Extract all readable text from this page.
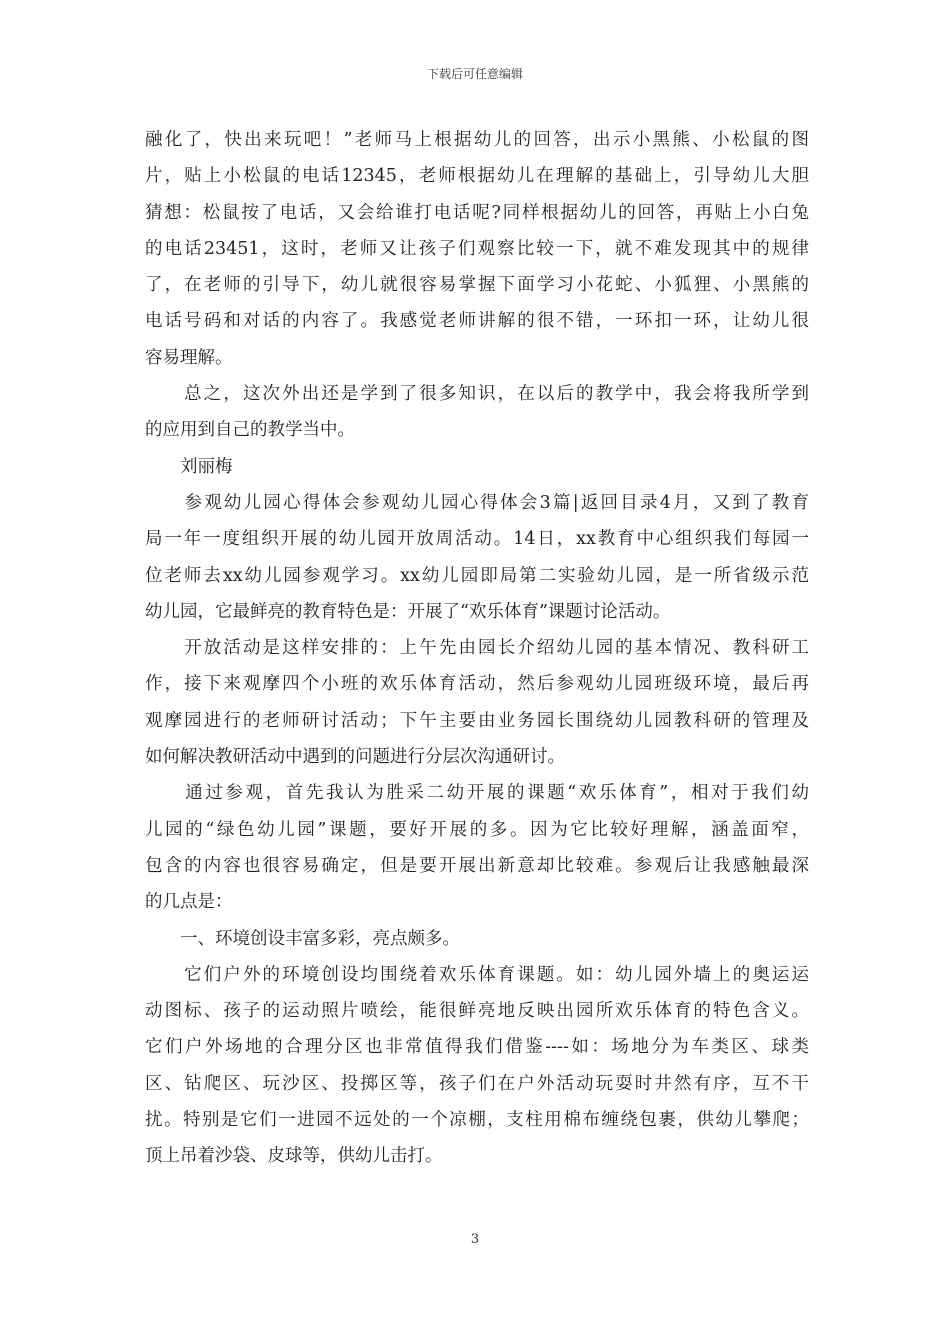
下载后可任意编辑
融化了，快出来玩吧！”老师马上根据幼儿的回答，出示小黑熊、小松鼠的图
片，贴上小松鼠的电话12345，老师根据幼儿在理解的基础上，引导幼儿大胆
猜想：松鼠按了电话，又会给谁打电话呢?同样根据幼儿的回答，再贴上小白兔
的电话23451，这时，老师又让孩子们观察比较一下，就不难发现其中的规律
了，在老师的引导下，幼儿就很容易掌握下面学习小花蛇、小狐狸、小黑熊的
电话号码和对话的内容了。我感觉老师讲解的很不错，一环扣一环，让幼儿很
容易理解。
　　总之，这次外出还是学到了很多知识，在以后的教学中，我会将我所学到
的应用到自己的教学当中。
　　刘丽梅
　　参观幼儿园心得体会参观幼儿园心得体会3篇|返回目录4月，又到了教育
局一年一度组织开展的幼儿园开放周活动。14日，xx教育中心组织我们每园一
位老师去xx幼儿园参观学习。xx幼儿园即局第二实验幼儿园，是一所省级示范
幼儿园，它最鲜亮的教育特色是：开展了“欢乐体育”课题讨论活动。
　　开放活动是这样安排的：上午先由园长介绍幼儿园的基本情况、教科研工
作，接下来观摩四个小班的欢乐体育活动，然后参观幼儿园班级环境，最后再
观摩园进行的老师研讨活动；下午主要由业务园长围绕幼儿园教科研的管理及
如何解决教研活动中遇到的问题进行分层次沟通研讨。
　　通过参观，首先我认为胜采二幼开展的课题“欢乐体育”，相对于我们幼
儿园的“绿色幼儿园”课题，要好开展的多。因为它比较好理解，涵盖面窄，
包含的内容也很容易确定，但是要开展出新意却比较难。参观后让我感触最深
的几点是：
　　一、环境创设丰富多彩，亮点颇多。
　　它们户外的环境创设均围绕着欢乐体育课题。如：幼儿园外墙上的奥运运
动图标、孩子的运动照片喷绘，能很鲜亮地反映出园所欢乐体育的特色含义。
它们户外场地的合理分区也非常值得我们借鉴----如：场地分为车类区、球类
区、钻爬区、玩沙区、投掷区等，孩子们在户外活动玩耍时井然有序，互不干
扰。特别是它们一进园不远处的一个凉棚，支柱用棉布缠绕包裹，供幼儿攀爬；
顶上吊着沙袋、皮球等，供幼儿击打。
3
